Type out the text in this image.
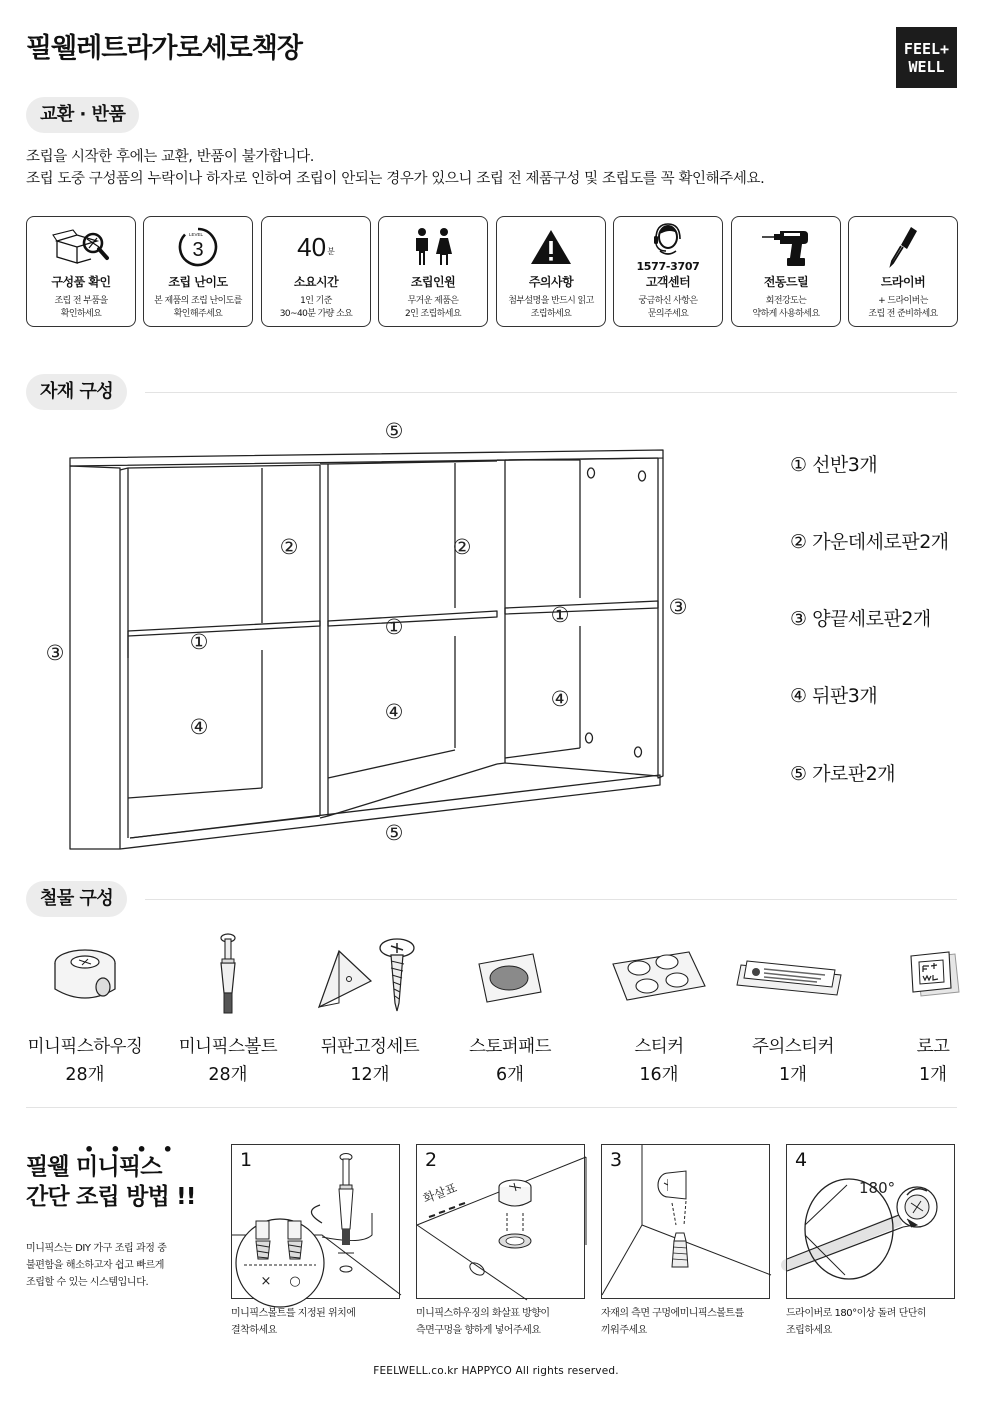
필웰레트라가로세로책장	FEEL+
WELL
교환 · 반품
조립을 시작한 후에는 교환, 반품이 불가합니다.
조립 도중 구성품의 누락이나 하자로 인하여 조립이 안되는 경우가 있으니 조립 전 제품구성 및 조립도를 꼭 확인해주세요.
구성품 확인
조립 전 부품을
확인하세요
3
LEVEL
조립 난이도
본 제품의 조립 난이도를
확인해주세요
40 분
소요시간
1인 기준
30~40분 가량 소요
조립인원
무거운 제품은
2인 조립하세요
주의사항
첨부설명을 반드시 읽고
조립하세요
1577-3707
고객센터
궁금하신 사항은
문의주세요
전동드릴
회전강도는
약하게 사용하세요
드라이버
+ 드라이버는
조립 전 준비하세요
자재 구성
⑤
②	②
③
③	①
①	①
④
④
④
⑤
① 선반3개
② 가운데세로판2개
③ 양끝세로판2개
④ 뒤판3개
⑤ 가로판2개
철물 구성
미니픽스하우징
28개
미니픽스볼트
28개
뒤판고정세트
12개
스토퍼패드
6개
스티커
16개
주의스티커
1개
로고
1개
••••
필웰 미니픽스
간단 조립 방법 !!
미니픽스는 DIY 가구 조립 과정 중
불편함을 해소하고자 쉽고 빠르게
조립할 수 있는 시스템입니다.
1
× ○
미니픽스볼트를 지정된 위치에
결착하세요
2
화살표
미니픽스하우징의 화살표 방향이
측면구멍을 향하게 넣어주세요
3
자재의 측면 구멍에미니픽스볼트를
끼워주세요
4
180°
드라이버로 180°이상 돌려 단단히
조립하세요
FEELWELL.co.kr HAPPYCO All rights reserved.
